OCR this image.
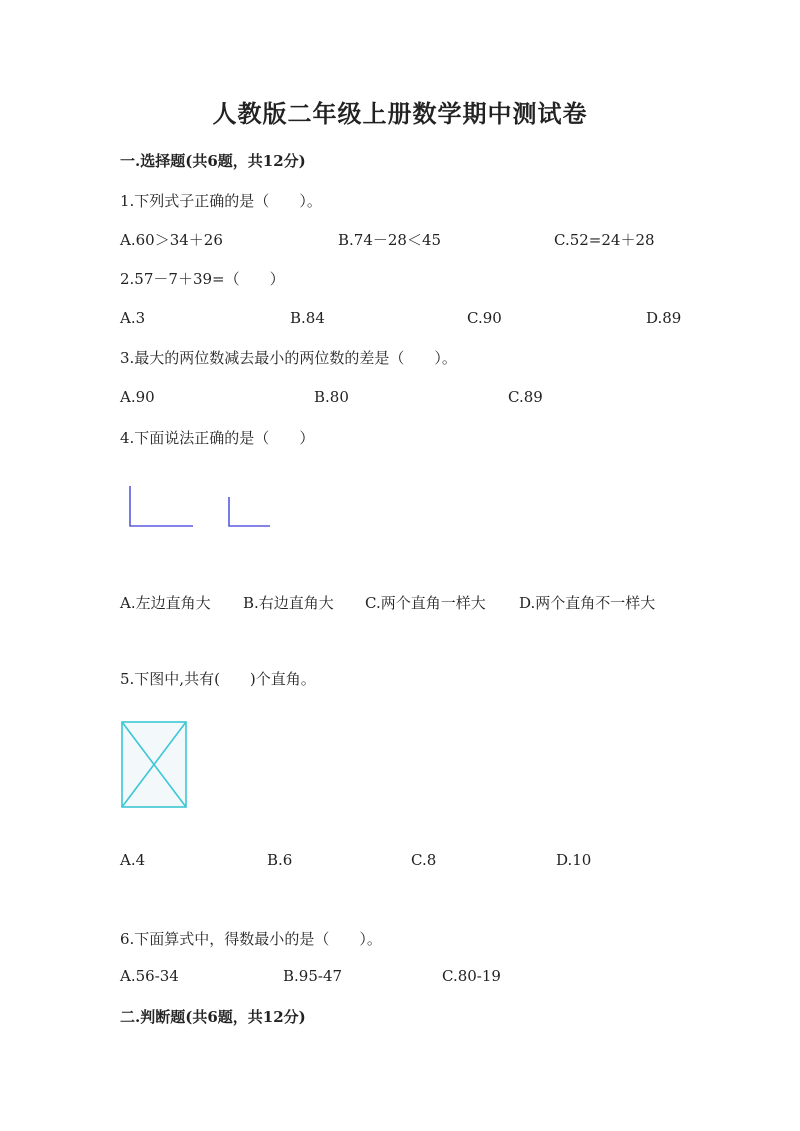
人教版二年级上册数学期中测试卷
一.选择题(共6题，共12分)
1.下列式子正确的是（　　）。
A.60＞34＋26	B.74－28＜45	C.52=24＋28
2.57－7＋39=（　　）
A.3	B.84	C.90	D.89
3.最大的两位数减去最小的两位数的差是（　　）。
A.90	B.80	C.89
4.下面说法正确的是（　　）
A.左边直角大 B.右边直角大 C.两个直角一样大 D.两个直角不一样大
5.下图中,共有(　　)个直角。
A.4	B.6	C.8	D.10
6.下面算式中，得数最小的是（　　）。
A.56-34	B.95-47	C.80-19
二.判断题(共6题，共12分)
